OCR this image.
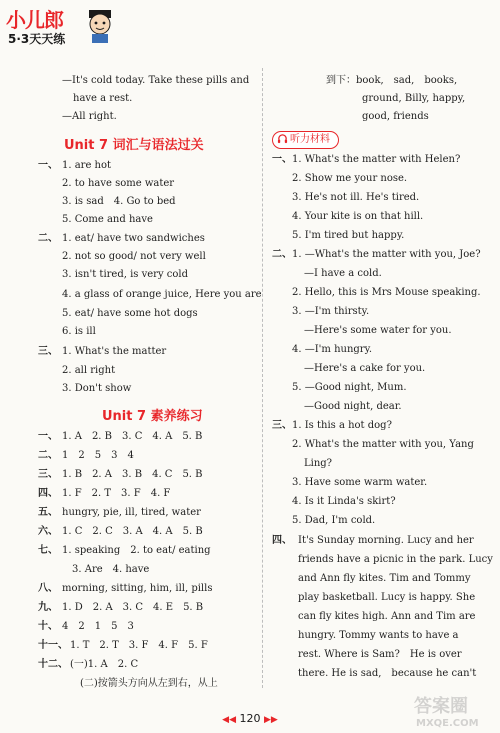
小儿郎
5·3天天练
—It's cold today. Take these pills and
have a rest.
—All right.
Unit 7 词汇与语法过关
一、 1. are hot
2. to have some water
3. is sad　4. Go to bed
5. Come and have
二、 1. eat/ have two sandwiches
2. not so good/ not very well
3. isn't tired, is very cold
4. a glass of orange juice, Here you are
5. eat/ have some hot dogs
6. is ill
三、 1. What's the matter
2. all right
3. Don't show
Unit 7 素养练习
一、 1. A　2. B　3. C　4. A　5. B
二、 1　2　5　3　4
三、 1. B　2. A　3. B　4. C　5. B
四、 1. F　2. T　3. F　4. F
五、 hungry, pie, ill, tired, water
六、 1. C　2. C　3. A　4. A　5. B
七、 1. speaking　2. to eat/ eating
3. Are　4. have
八、 morning, sitting, him, ill, pills
九、 1. D　2. A　3. C　4. E　5. B
十、 4　2　1　5　3
十一、 1. T　2. T　3. F　4. F　5. F
十二、 (一)1. A　2. C
(二)按箭头方向从左到右，从上
到下：book,　sad,　books,
ground, Billy, happy,
good, friends
听力材料
一、 1. What's the matter with Helen?
2. Show me your nose.
3. He's not ill. He's tired.
4. Your kite is on that hill.
5. I'm tired but happy.
二、 1. —What's the matter with you, Joe?
—I have a cold.
2. Hello, this is Mrs Mouse speaking.
3. —I'm thirsty.
—Here's some water for you.
4. —I'm hungry.
—Here's a cake for you.
5. —Good night, Mum.
—Good night, dear.
三、 1. Is this a hot dog?
2. What's the matter with you, Yang
Ling?
3. Have some warm water.
4. Is it Linda's skirt?
5. Dad, I'm cold.
四、 It's Sunday morning. Lucy and her
friends have a picnic in the park. Lucy
and Ann fly kites. Tim and Tommy
play basketball. Lucy is happy. She
can fly kites high. Ann and Tim are
hungry. Tommy wants to have a
rest. Where is Sam?　He is over
there. He is sad,　because he can't
答案圈
MXQE.COM
◀◀ 120 ▶▶
